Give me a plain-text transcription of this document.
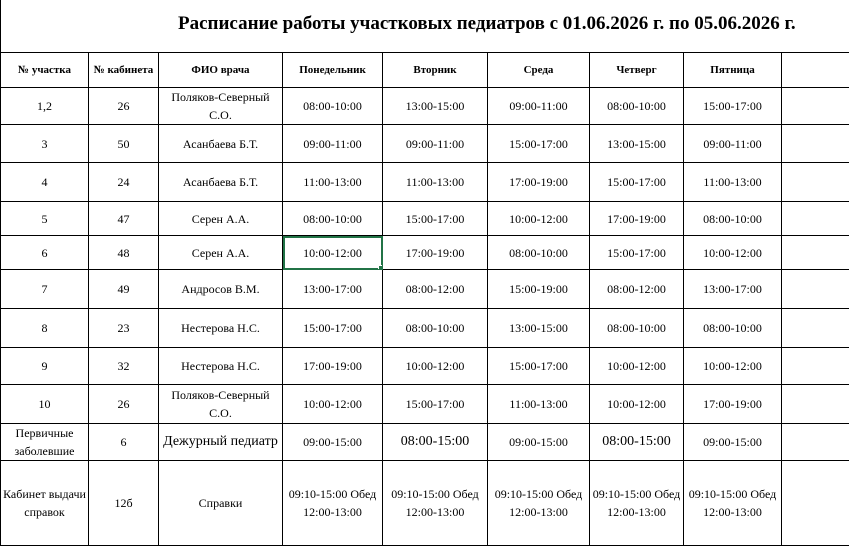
Расписание работы участковых педиатров с 01.06.2026 г. по 05.06.2026 г.
№ участка	№ кабинета	ФИО врача	Понедельник	Вторник	Среда	Четверг	Пятница	
1,2	26	Поляков-Северный С.О.	08:00-10:00	13:00-15:00	09:00-11:00	08:00-10:00	15:00-17:00	
3	50	Асанбаева Б.Т.	09:00-11:00	09:00-11:00	15:00-17:00	13:00-15:00	09:00-11:00	
4	24	Асанбаева Б.Т.	11:00-13:00	11:00-13:00	17:00-19:00	15:00-17:00	11:00-13:00	
5	47	Серен А.А.	08:00-10:00	15:00-17:00	10:00-12:00	17:00-19:00	08:00-10:00	
6	48	Серен А.А.	10:00-12:00	17:00-19:00	08:00-10:00	15:00-17:00	10:00-12:00	
7	49	Андросов В.М.	13:00-17:00	08:00-12:00	15:00-19:00	08:00-12:00	13:00-17:00	
8	23	Нестерова Н.С.	15:00-17:00	08:00-10:00	13:00-15:00	08:00-10:00	08:00-10:00	
9	32	Нестерова Н.С.	17:00-19:00	10:00-12:00	15:00-17:00	10:00-12:00	10:00-12:00	
10	26	Поляков-Северный С.О.	10:00-12:00	15:00-17:00	11:00-13:00	10:00-12:00	17:00-19:00	
Первичные заболевшие	6	Дежурный педиатр	09:00-15:00	08:00-15:00	09:00-15:00	08:00-15:00	09:00-15:00	
Кабинет выдачи справок	12б	Справки	09:10-15:00 Обед 12:00-13:00	09:10-15:00 Обед 12:00-13:00	09:10-15:00 Обед 12:00-13:00	09:10-15:00 Обед 12:00-13:00	09:10-15:00 Обед 12:00-13:00	
